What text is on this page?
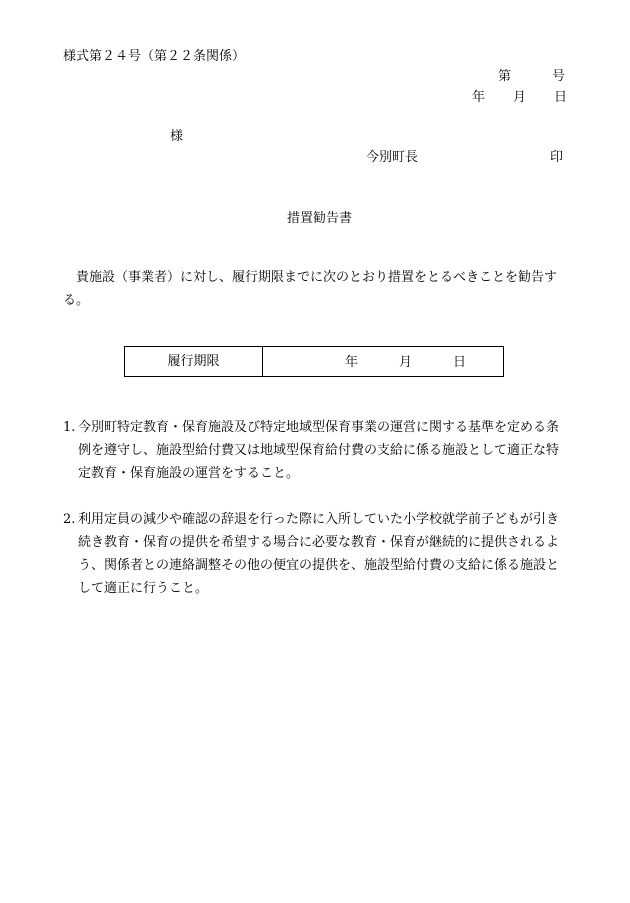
様式第２４号（第２２条関係）
第	号
年 月 日
様
今別町長	印
措置勧告書
貴施設（事業者）に対し、履行期限までに次のとおり措置をとるべきことを勧告する。
履行期限	年	月	日
1. 今別町特定教育・保育施設及び特定地域型保育事業の運営に関する基準を定める条例を遵守し、施設型給付費又は地域型保育給付費の支給に係る施設として適正な特定教育・保育施設の運営をすること。
2. 利用定員の減少や確認の辞退を行った際に入所していた小学校就学前子どもが引き続き教育・保育の提供を希望する場合に必要な教育・保育が継続的に提供されるよう、関係者との連絡調整その他の便宜の提供を、施設型給付費の支給に係る施設として適正に行うこと。
